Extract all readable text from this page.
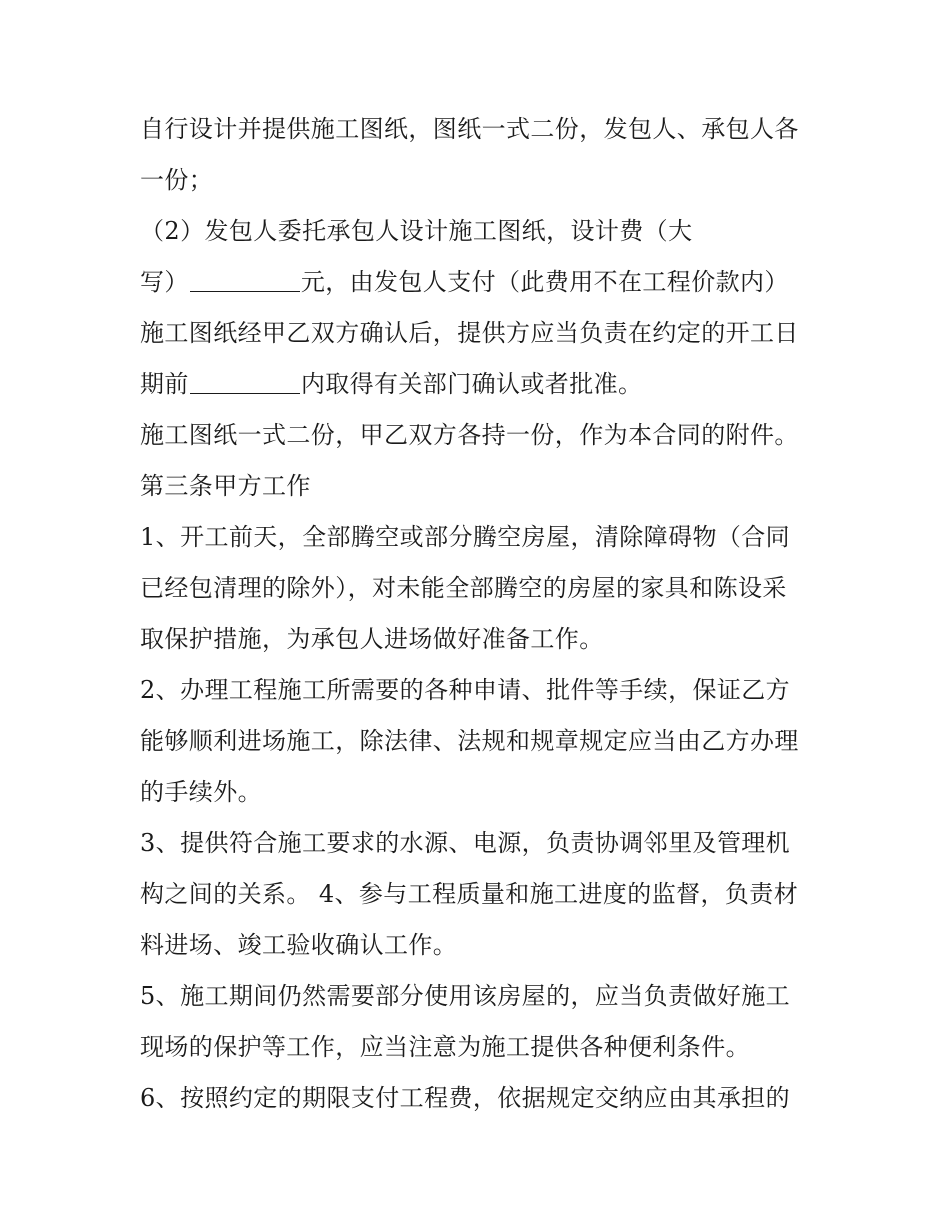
自行设计并提供施工图纸，图纸一式二份，发包人、承包人各
一份；
（2）发包人委托承包人设计施工图纸，设计费（大
写）	元，由发包人支付（此费用不在工程价款内）
施工图纸经甲乙双方确认后，提供方应当负责在约定的开工日
期前	内取得有关部门确认或者批准。
施工图纸一式二份，甲乙双方各持一份，作为本合同的附件。
第三条甲方工作
1、开工前天，全部腾空或部分腾空房屋，清除障碍物（合同
已经包清理的除外），对未能全部腾空的房屋的家具和陈设采
取保护措施，为承包人进场做好准备工作。
2、办理工程施工所需要的各种申请、批件等手续，保证乙方
能够顺利进场施工，除法律、法规和规章规定应当由乙方办理
的手续外。
3、提供符合施工要求的水源、电源，负责协调邻里及管理机
构之间的关系。 4、参与工程质量和施工进度的监督，负责材
料进场、竣工验收确认工作。
5、施工期间仍然需要部分使用该房屋的，应当负责做好施工
现场的保护等工作，应当注意为施工提供各种便利条件。
6、按照约定的期限支付工程费，依据规定交纳应由其承担的
